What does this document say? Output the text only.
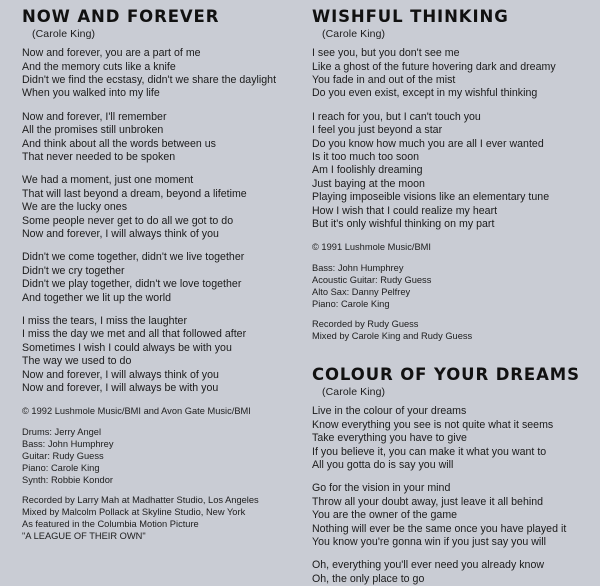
NOW AND FOREVER
(Carole King)
Now and forever, you are a part of me
And the memory cuts like a knife
Didn't we find the ecstasy, didn't we share the daylight
When you walked into my life
Now and forever, I'll remember
All the promises still unbroken
And think about all the words between us
That never needed to be spoken
We had a moment, just one moment
That will last beyond a dream, beyond a lifetime
We are the lucky ones
Some people never get to do all we got to do
Now and forever, I will always think of you
Didn't we come together, didn't we live together
Didn't we cry together
Didn't we play together, didn't we love together
And together we lit up the world
I miss the tears, I miss the laughter
I miss the day we met and all that followed after
Sometimes I wish I could always be with you
The way we used to do
Now and forever, I will always think of you
Now and forever, I will always be with you
© 1992 Lushmole Music/BMI and Avon Gate Music/BMI
Drums: Jerry Angel
Bass: John Humphrey
Guitar: Rudy Guess
Piano: Carole King
Synth: Robbie Kondor
Recorded by Larry Mah at Madhatter Studio, Los Angeles
Mixed by Malcolm Pollack at Skyline Studio, New York
As featured in the Columbia Motion Picture
"A LEAGUE OF THEIR OWN"
WISHFUL THINKING
(Carole King)
I see you, but you don't see me
Like a ghost of the future hovering dark and dreamy
You fade in and out of the mist
Do you even exist, except in my wishful thinking
I reach for you, but I can't touch you
I feel you just beyond a star
Do you know how much you are all I ever wanted
Is it too much too soon
Am I foolishly dreaming
Just baying at the moon
Playing imposeible visions like an elementary tune
How I wish that I could realize my heart
But it's only wishful thinking on my part
© 1991 Lushmole Music/BMI
Bass: John Humphrey
Acoustic Guitar: Rudy Guess
Alto Sax: Danny Pelfrey
Piano: Carole King
Recorded by Rudy Guess
Mixed by Carole King and Rudy Guess
COLOUR OF YOUR DREAMS
(Carole King)
Live in the colour of your dreams
Know everything you see is not quite what it seems
Take everything you have to give
If you believe it, you can make it what you want to
All you gotta do is say you will
Go for the vision in your mind
Throw all your doubt away, just leave it all behind
You are the owner of the game
Nothing will ever be the same once you have played it
You know you're gonna win if you just say you will
Oh, everything you'll ever need you already know
Oh, the only place to go
